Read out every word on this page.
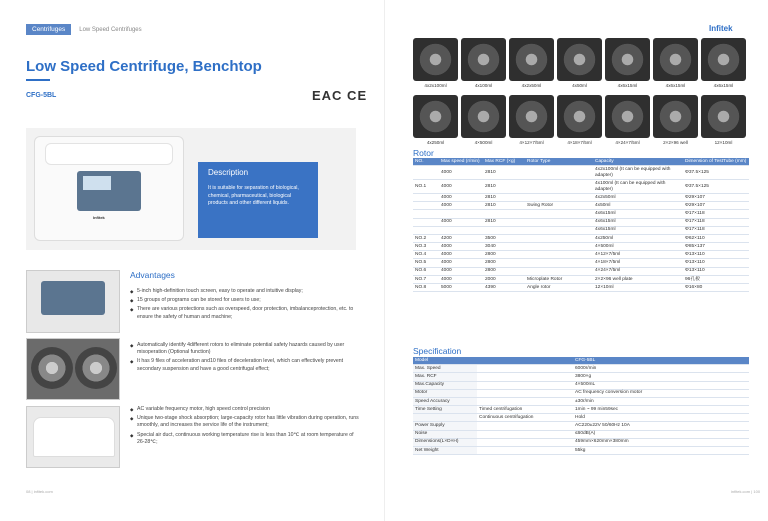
Centrifuges	Low Speed Centrifuges
Low Speed Centrifuge, Benchtop
CFG-5BL	EAC CE
Infitek
Description

It is suitable for separation of biological, chemical, pharmaceutical, biological products and other different liquids.

Advantages
◆ 5-inch high-definition touch screen, easy to operate and intuitive display;
◆ 15 groups of programs can be stored for users to use;
◆ There are various protections such as overspeed, door protection, imbalanceprotection, etc. to ensure the safety of human and machine;
◆ Automatically identify 4different rotors to eliminate potential safety hazards caused by user misoperation (Optional function)
◆ It has 9 files of acceleration and10 files of deceleration level, which can effectively prevent secondary suspension and have a good centrifugal effect;
◆ AC variable frequency motor, high speed control precision
◆ Unique two-stage shock absorption; large-capacity rotor has little vibration during operation, runs smoothly, and increases the service life of the instrument;
◆ Special air duct, continuous working temperature rise is less than 10℃ at room temperature of 26-28℃;
08 | infitek.com
Infitek
4x2x100ml	4x100ml	4x2x50ml	4x50ml	4x6x15ml	4x6x15ml	4x6x15ml
4x250ml	4×500ml	4×12×7/5ml	4×18×7/5ml	4×24×7/5ml	2×2×96 well	12×10ml
Rotor
NO.	Max speed (r/min)	Max RCF (×g)	Rotor Type	Capacity	Dimension of TestTube (mm)
	4000	2810		4x2x100ml (It can be equipped with adapter)	Φ37.5×125
NO.1	4000	2810		4x100ml (It can be equipped with adapter)	Φ37.5×125
	4000	2810		4x2x50ml	Φ29×107
	4000	2810	Swing Rotor	4x50ml	Φ29×107
				4x6x15ml	Φ17×118
	4000	2810		4x6x15ml	Φ17×118
				4x6x15ml	Φ17×118
NO.2	4200	3500		4x250ml	Φ62×110
NO.3	4000	3040		4×500ml	Φ85×137
NO.4	4000	2800		4×12×7/5ml	Φ13×110
NO.5	4000	2800		4×18×7/5ml	Φ13×110
NO.6	4000	2800		4×24×7/5ml	Φ13×110
NO.7	4000	2000	Microplate Rotor	2×2×96 well plate	96孔板
NO.8	5000	4390	Angle rotor	12×10ml	Φ16×80
Specification
Model		CFG-5BL
Max. Speed		6000r/min
Max. RCF		3800×g
Max.Capacity		4×500mL
Motor		AC frequency conversion motor
Speed Accuracy		±30r/min
Time Setting	Timed centrifugation	1min ~ 99 min59sec
	Continuous centrifugation	Hold
Power Supply		AC220±22V 50/60Hz 10A
Noise		≤60dB(A)
Dimensions(L×D×H)		459mm×620mm×380mm
Net Weight		55kg
infitek.com | 100
